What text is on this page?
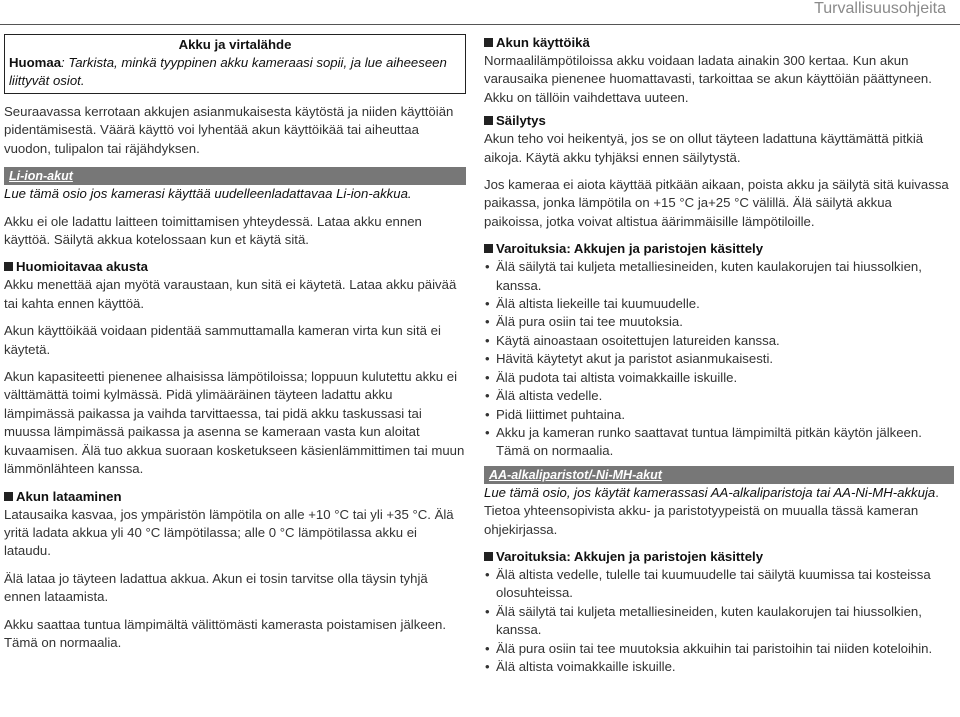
Turvallisuusohjeita
Akku ja virtalähde
Huomaa: Tarkista, minkä tyyppinen akku kameraasi sopii, ja lue aiheeseen liittyvät osiot.

Seuraavassa kerrotaan akkujen asianmukaisesta käytöstä ja niiden käyttöiän pidentämisestä. Väärä käyttö voi lyhentää akun käyttöikää tai aiheuttaa vuodon, tulipalon tai räjähdyksen.

Li-ion-akut

Lue tämä osio jos kamerasi käyttää uudelleenladattavaa Li-ion-akkua.

Akku ei ole ladattu laitteen toimittamisen yhteydessä. Lataa akku ennen käyttöä. Säilytä akkua kotelossaan kun et käytä sitä.

Huomioitavaa akusta

Akku menettää ajan myötä varaustaan, kun sitä ei käytetä. Lataa akku päivää tai kahta ennen käyttöä.

Akun käyttöikää voidaan pidentää sammuttamalla kameran virta kun sitä ei käytetä.

Akun kapasiteetti pienenee alhaisissa lämpötiloissa; loppuun kulutettu akku ei välttämättä toimi kylmässä. Pidä ylimääräinen täyteen ladattu akku lämpimässä paikassa ja vaihda tarvittaessa, tai pidä akku taskussasi tai muussa lämpimässä paikassa ja asenna se kameraan vasta kun aloitat kuvaamisen. Älä tuo akkua suoraan kosketukseen käsienlämmittimen tai muun lämmönlähteen kanssa.

Akun lataaminen

Latausaika kasvaa, jos ympäristön lämpötila on alle +10 °C tai yli +35 °C. Älä yritä ladata akkua yli 40 °C lämpötilassa; alle 0 °C lämpötilassa akku ei lataudu.

Älä lataa jo täyteen ladattua akkua. Akun ei tosin tarvitse olla täysin tyhjä ennen lataamista.

Akku saattaa tuntua lämpimältä välittömästi kamerasta poistamisen jälkeen. Tämä on normaalia.

Akun käyttöikä

Normaalilämpötiloissa akku voidaan ladata ainakin 300 kertaa. Kun akun varausaika pienenee huomattavasti, tarkoittaa se akun käyttöiän päättyneen. Akku on tällöin vaihdettava uuteen.

Säilytys

Akun teho voi heikentyä, jos se on ollut täyteen ladattuna käyttämättä pitkiä aikoja. Käytä akku tyhjäksi ennen säilytystä.

Jos kameraa ei aiota käyttää pitkään aikaan, poista akku ja säilytä sitä kuivassa paikassa, jonka lämpötila on +15 °C ja+25 °C välillä. Älä säilytä akkua paikoissa, jotka voivat altistua äärimmäisille lämpötiloille.

Varoituksia: Akkujen ja paristojen käsittely
• Älä säilytä tai kuljeta metalliesineiden, kuten kaulakorujen tai hiussolkien, kanssa.
• Älä altista liekeille tai kuumuudelle.
• Älä pura osiin tai tee muutoksia.
• Käytä ainoastaan osoitettujen latureiden kanssa.
• Hävitä käytetyt akut ja paristot asianmukaisesti.
• Älä pudota tai altista voimakkaille iskuille.
• Älä altista vedelle.
• Pidä liittimet puhtaina.
• Akku ja kameran runko saattavat tuntua lämpimiltä pitkän käytön jälkeen. Tämä on normaalia.
AA-alkaliparistot/-Ni-MH-akut

Lue tämä osio, jos käytät kamerassasi AA-alkaliparistoja tai AA-Ni-MH-akkuja. Tietoa yhteensopivista akku- ja paristotyypeistä on muualla tässä kameran ohjekirjassa.

Varoituksia: Akkujen ja paristojen käsittely
• Älä altista vedelle, tulelle tai kuumuudelle tai säilytä kuumissa tai kosteissa olosuhteissa.
• Älä säilytä tai kuljeta metalliesineiden, kuten kaulakorujen tai hiussolkien, kanssa.
• Älä pura osiin tai tee muutoksia akkuihin tai paristoihin tai niiden koteloihin.
• Älä altista voimakkaille iskuille.
